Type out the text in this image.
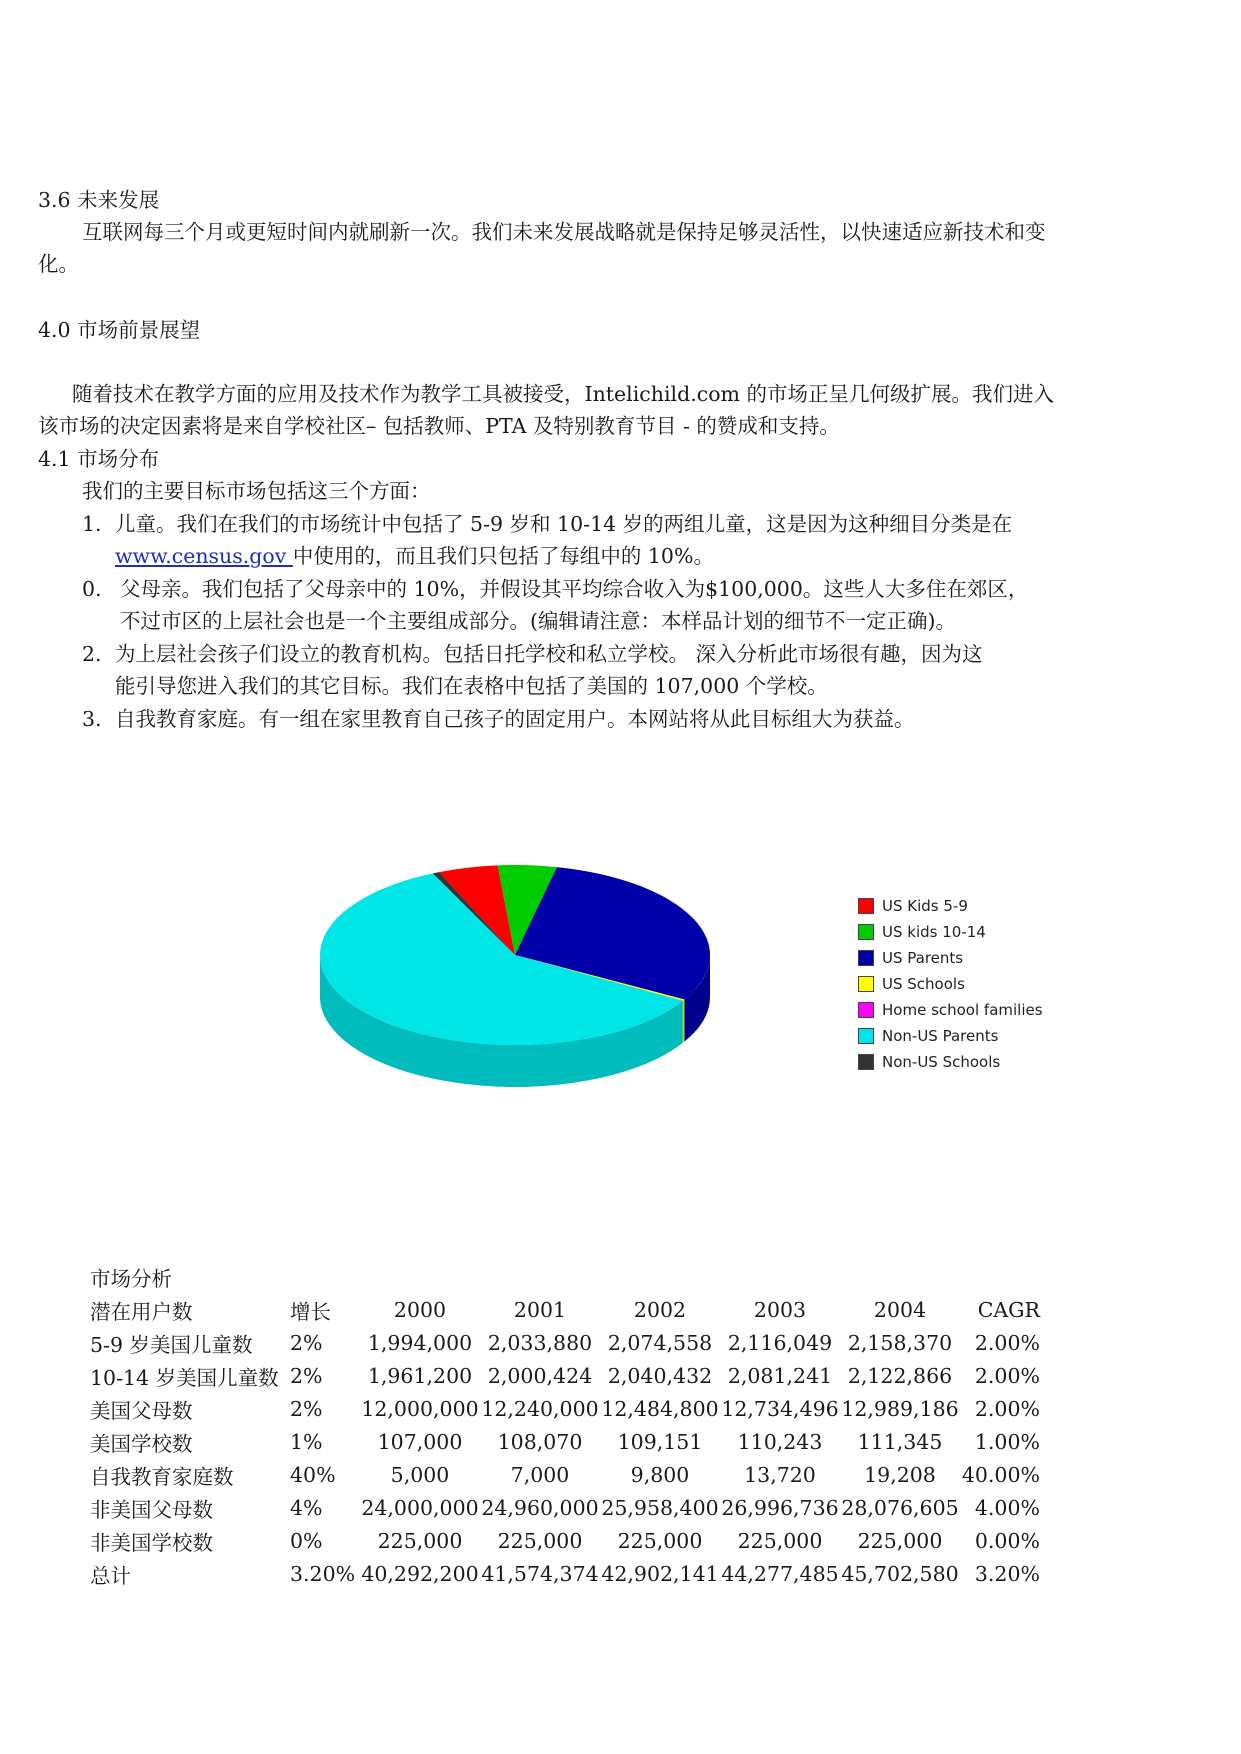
3.6 未来发展
互联网每三个月或更短时间内就刷新一次。我们未来发展战略就是保持足够灵活性，以快速适应新技术和变化。
4.0 市场前景展望
随着技术在教学方面的应用及技术作为教学工具被接受，Intelichild.com 的市场正呈几何级扩展。我们进入该市场的决定因素将是来自学校社区– 包括教师、PTA 及特别教育节目 - 的赞成和支持。
4.1 市场分布
我们的主要目标市场包括这三个方面：
1. 儿童。我们在我们的市场统计中包括了 5-9 岁和 10-14 岁的两组儿童，这是因为这种细目分类是在
www.census.gov 中使用的，而且我们只包括了每组中的 10%。
0. 父母亲。我们包括了父母亲中的 10%，并假设其平均综合收入为$100,000。这些人大多住在郊区，
不过市区的上层社会也是一个主要组成部分。(编辑请注意：本样品计划的细节不一定正确)。
2. 为上层社会孩子们设立的教育机构。包括日托学校和私立学校。 深入分析此市场很有趣，因为这
能引导您进入我们的其它目标。我们在表格中包括了美国的 107,000 个学校。
3. 自我教育家庭。有一组在家里教育自己孩子的固定用户。本网站将从此目标组大为获益。
US Kids 5-9
US kids 10-14
US Parents
US Schools
Home school families
Non-US Parents
Non-US Schools
市场分析							
潜在用户数	增长	2000	2001	2002	2003	2004	CAGR
5-9 岁美国儿童数	2%	1,994,000	2,033,880	2,074,558	2,116,049	2,158,370	2.00%
10-14 岁美国儿童数	2%	1,961,200	2,000,424	2,040,432	2,081,241	2,122,866	2.00%
美国父母数	2%	12,000,000	12,240,000	12,484,800	12,734,496	12,989,186	2.00%
美国学校数	1%	107,000	108,070	109,151	110,243	111,345	1.00%
自我教育家庭数	40%	5,000	7,000	9,800	13,720	19,208	40.00%
非美国父母数	4%	24,000,000	24,960,000	25,958,400	26,996,736	28,076,605	4.00%
非美国学校数	0%	225,000	225,000	225,000	225,000	225,000	0.00%
总计	3.20%	40,292,200	41,574,374	42,902,141	44,277,485	45,702,580	3.20%
